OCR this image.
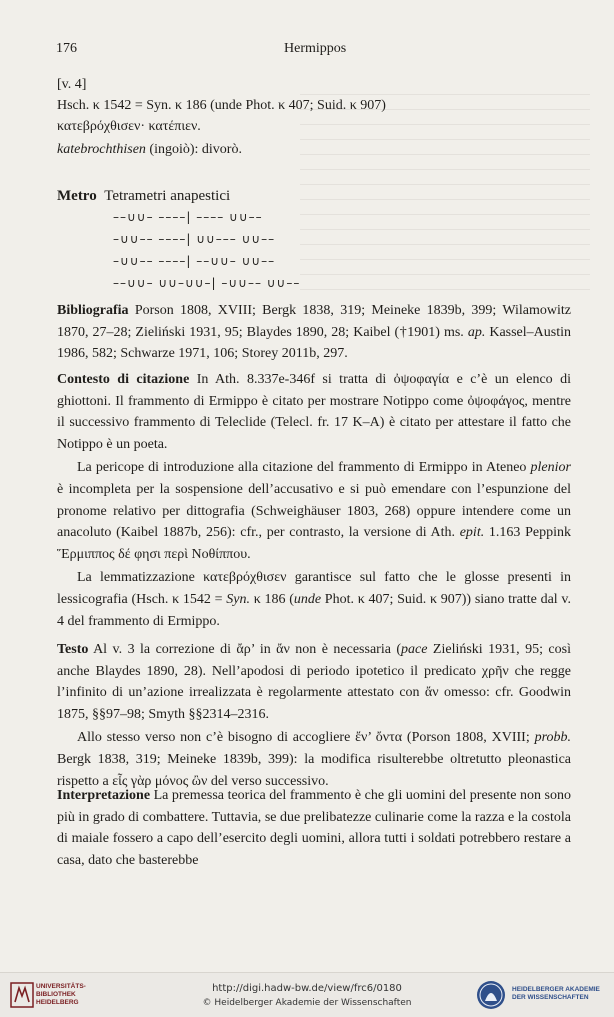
176	Hermippos
[v. 4]
Hsch. κ 1542 = Syn. κ 186 (unde Phot. κ 407; Suid. κ 907)
κατεβρόχθισεν· κατέπιεν.
katebrochthisen (ingoiò): divorò.
Metro Tetrametri anapestici
––∪∪– ––––| –––– ∪∪––
–∪∪–– ––––| ∪∪––– ∪∪––
–∪∪–– ––––| ––∪∪– ∪∪––
––∪∪– ∪∪–∪∪–| –∪∪–– ∪∪––

Bibliografia Porson 1808, XVIII; Bergk 1838, 319; Meineke 1839b, 399; Wilamowitz 1870, 27–28; Zieliński 1931, 95; Blaydes 1890, 28; Kaibel (†1901) ms. ap. Kassel–Austin 1986, 582; Schwarze 1971, 106; Storey 2011b, 297.

Contesto di citazione In Ath. 8.337e-346f si tratta di ὀψοφαγία e c’è un elenco di ghiottoni. Il frammento di Ermippo è citato per mostrare Notippo come ὀψοφάγος, mentre il successivo frammento di Teleclide (Telecl. fr. 17 K–A) è citato per attestare il fatto che Notippo è un poeta.

La pericope di introduzione alla citazione del frammento di Ermippo in Ateneo plenior è incompleta per la sospensione dell’accusativo e si può emendare con l’espunzione del pronome relativo per dittografia (Schweighäuser 1803, 268) oppure intendere come un anacoluto (Kaibel 1887b, 256): cfr., per contrasto, la versione di Ath. epit. 1.163 Peppink Ἕρμιππος δέ φησι περὶ Νοθίππου.

La lemmatizzazione κατεβρόχθισεν garantisce sul fatto che le glosse presenti in lessicografia (Hsch. κ 1542 = Syn. κ 186 (unde Phot. κ 407; Suid. κ 907)) siano tratte dal v. 4 del frammento di Ermippo.

Testo Al v. 3 la correzione di ἄρ’ in ἄν non è necessaria (pace Zieliński 1931, 95; così anche Blaydes 1890, 28). Nell’apodosi di periodo ipotetico il predicato χρῆν che regge l’infinito di un’azione irrealizzata è regolarmente attestato con ἄν omesso: cfr. Goodwin 1875, §§97–98; Smyth §§2314–2316.

Allo stesso verso non c’è bisogno di accogliere ἔν’ ὄντα (Porson 1808, XVIII; probb. Bergk 1838, 319; Meineke 1839b, 399): la modifica risulterebbe oltretutto pleonastica rispetto a εἷς γὰρ μόνος ὢν del verso successivo.

Interpretazione La premessa teorica del frammento è che gli uomini del presente non sono più in grado di combattere. Tuttavia, se due prelibatezze culinarie come la razza e la costola di maiale fossero a capo dell’esercito degli uomini, allora tutti i soldati potrebbero restare a casa, dato che basterebbe

UNIVERSITÄTS-
BIBLIOTHEK
HEIDELBERG
http://digi.hadw-bw.de/view/frc6/0180
© Heidelberger Akademie der Wissenschaften
HEIDELBERGER AKADEMIE
DER WISSENSCHAFTEN
